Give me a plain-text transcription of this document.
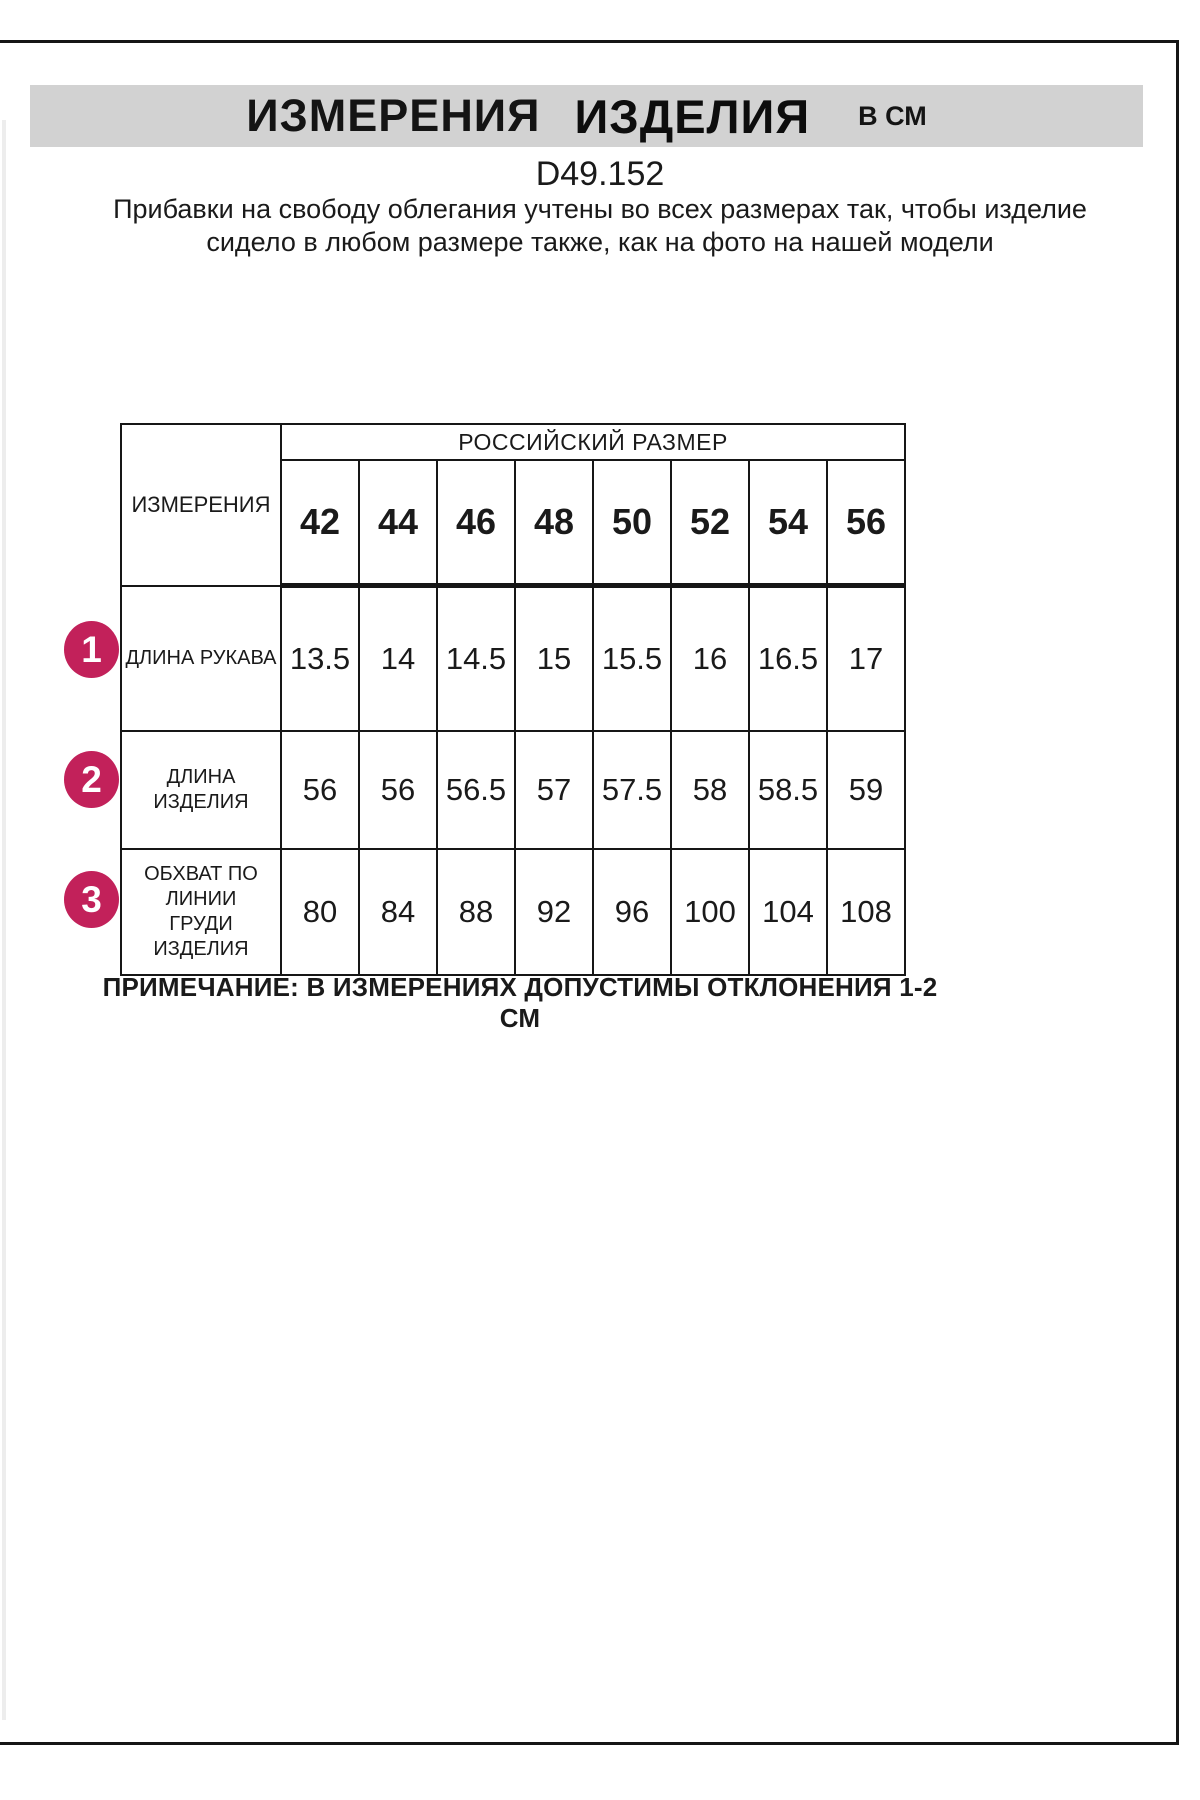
ИЗМЕРЕНИЯ ИЗДЕЛИЯ В СМ
D49.152
Прибавки на свободу облегания учтены во всех размерах так, чтобы изделие сидело в любом размере также, как на фото на нашей модели
ИЗМЕРЕНИЯ	РОССИЙСКИЙ РАЗМЕР							
	42	44	46	48	50	52	54	56
ДЛИНА РУКАВА	13.5	14	14.5	15	15.5	16	16.5	17
ДЛИНА ИЗДЕЛИЯ	56	56	56.5	57	57.5	58	58.5	59
ОБХВАТ ПО ЛИНИИ ГРУДИ ИЗДЕЛИЯ	80	84	88	92	96	100	104	108
1
2
3
ПРИМЕЧАНИЕ: В ИЗМЕРЕНИЯХ ДОПУСТИМЫ ОТКЛОНЕНИЯ 1-2 СМ
